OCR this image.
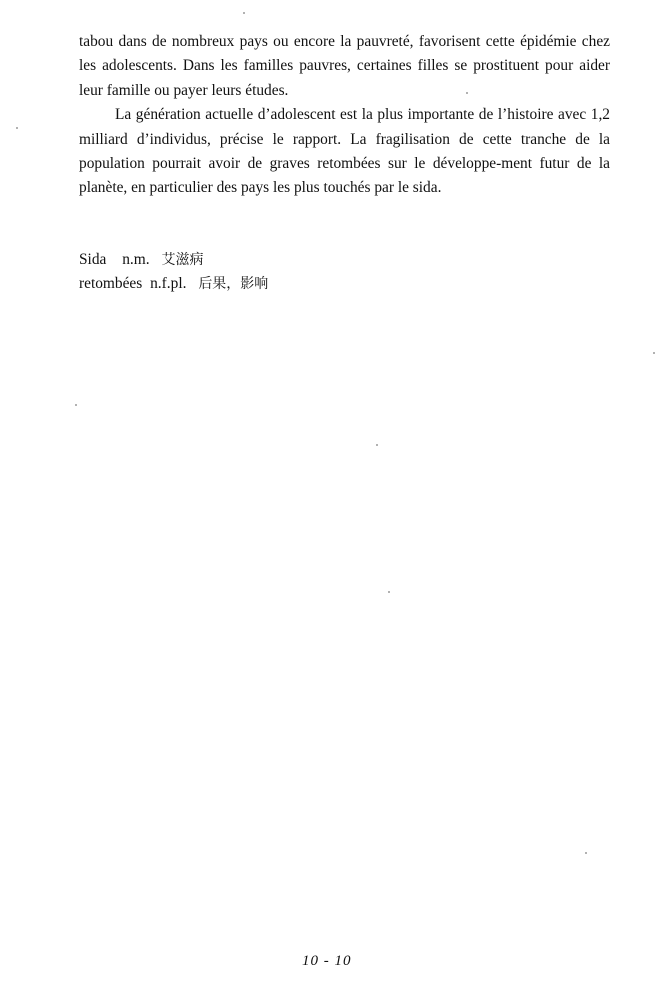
tabou dans de nombreux pays ou encore la pauvreté, favorisent cette épidémie chez les adolescents. Dans les familles pauvres, certaines filles se prostituent pour aider leur famille ou payer leurs études.

La génération actuelle d’adolescent est la plus importante de l’histoire avec 1,2 milliard d’individus, précise le rapport. La fragilisation de cette tranche de la population pourrait avoir de graves retombées sur le développe-ment futur de la planète, en particulier des pays les plus touchés par le sida.

Sida n.m. 艾滋病
retombées n.f.pl. 后果，影响
10 - 10
